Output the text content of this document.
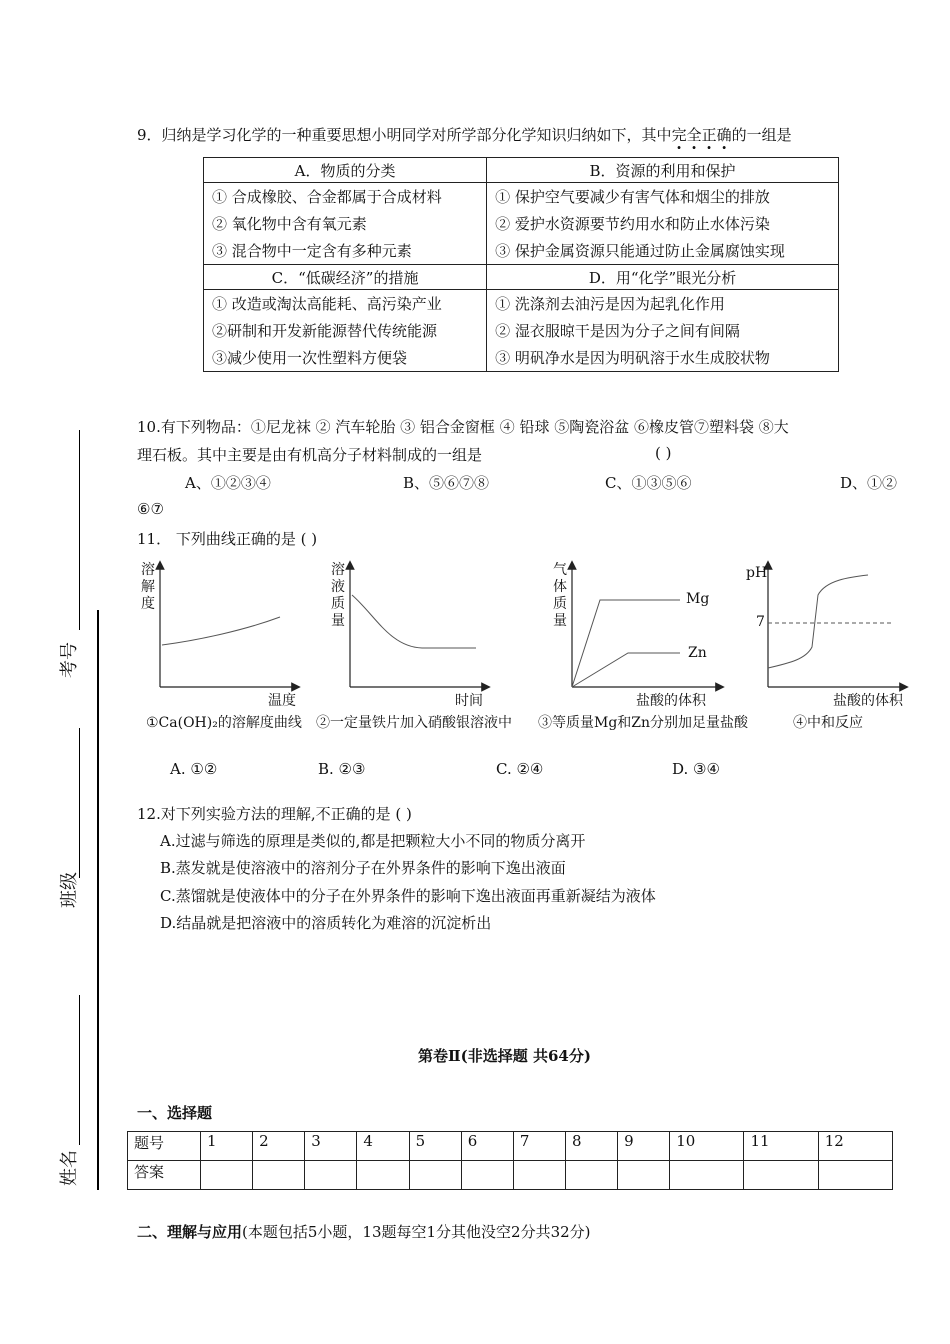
9．归纳是学习化学的一种重要思想小明同学对所学部分化学知识归纳如下，其中完全正确的一组是
A．物质的分类	B．资源的利用和保护
① 合成橡胶、合金都属于合成材料	① 保护空气要减少有害气体和烟尘的排放
② 氧化物中含有氧元素	② 爱护水资源要节约用水和防止水体污染
③ 混合物中一定含有多种元素	③ 保护金属资源只能通过防止金属腐蚀实现
C．“低碳经济”的措施	D．用“化学”眼光分析
① 改造或淘汰高能耗、高污染产业	① 洗涤剂去油污是因为起乳化作用
②研制和开发新能源替代传统能源	② 湿衣服晾干是因为分子之间有间隔
③减少使用一次性塑料方便袋	③ 明矾净水是因为明矾溶于水生成胶状物
10.有下列物品：①尼龙袜 ② 汽车轮胎 ③ 铝合金窗框 ④ 铅球 ⑤陶瓷浴盆 ⑥橡皮管⑦塑料袋 ⑧大
理石板。其中主要是由有机高分子材料制成的一组是	( )
A、①②③④	B、⑤⑥⑦⑧	C、①③⑤⑥	D、①②
⑥⑦
11． 下列曲线正确的是 ( )
溶
解
度
温度
①Ca(OH)₂的溶解度曲线
溶
液
质
量
时间
②一定量铁片加入硝酸银溶液中
气
体
质
量
Mg
Zn
盐酸的体积
③等质量Mg和Zn分别加足量盐酸
pH
7
盐酸的体积
④中和反应
A. ①②	B. ②③	C. ②④	D. ③④
12.对下列实验方法的理解,不正确的是 ( )
A.过滤与筛选的原理是类似的,都是把颗粒大小不同的物质分离开
B.蒸发就是使溶液中的溶剂分子在外界条件的影响下逸出液面
C.蒸馏就是使液体中的分子在外界条件的影响下逸出液面再重新凝结为液体
D.结晶就是把溶液中的溶质转化为难溶的沉淀析出
第卷Ⅱ(非选择题 共64分)
一、选择题
题号	1	2	3	4	5	6	7	8	9	10	11	12
答案												
二、理解与应用(本题包括5小题，13题每空1分其他没空2分共32分)
考号
班级
姓名
